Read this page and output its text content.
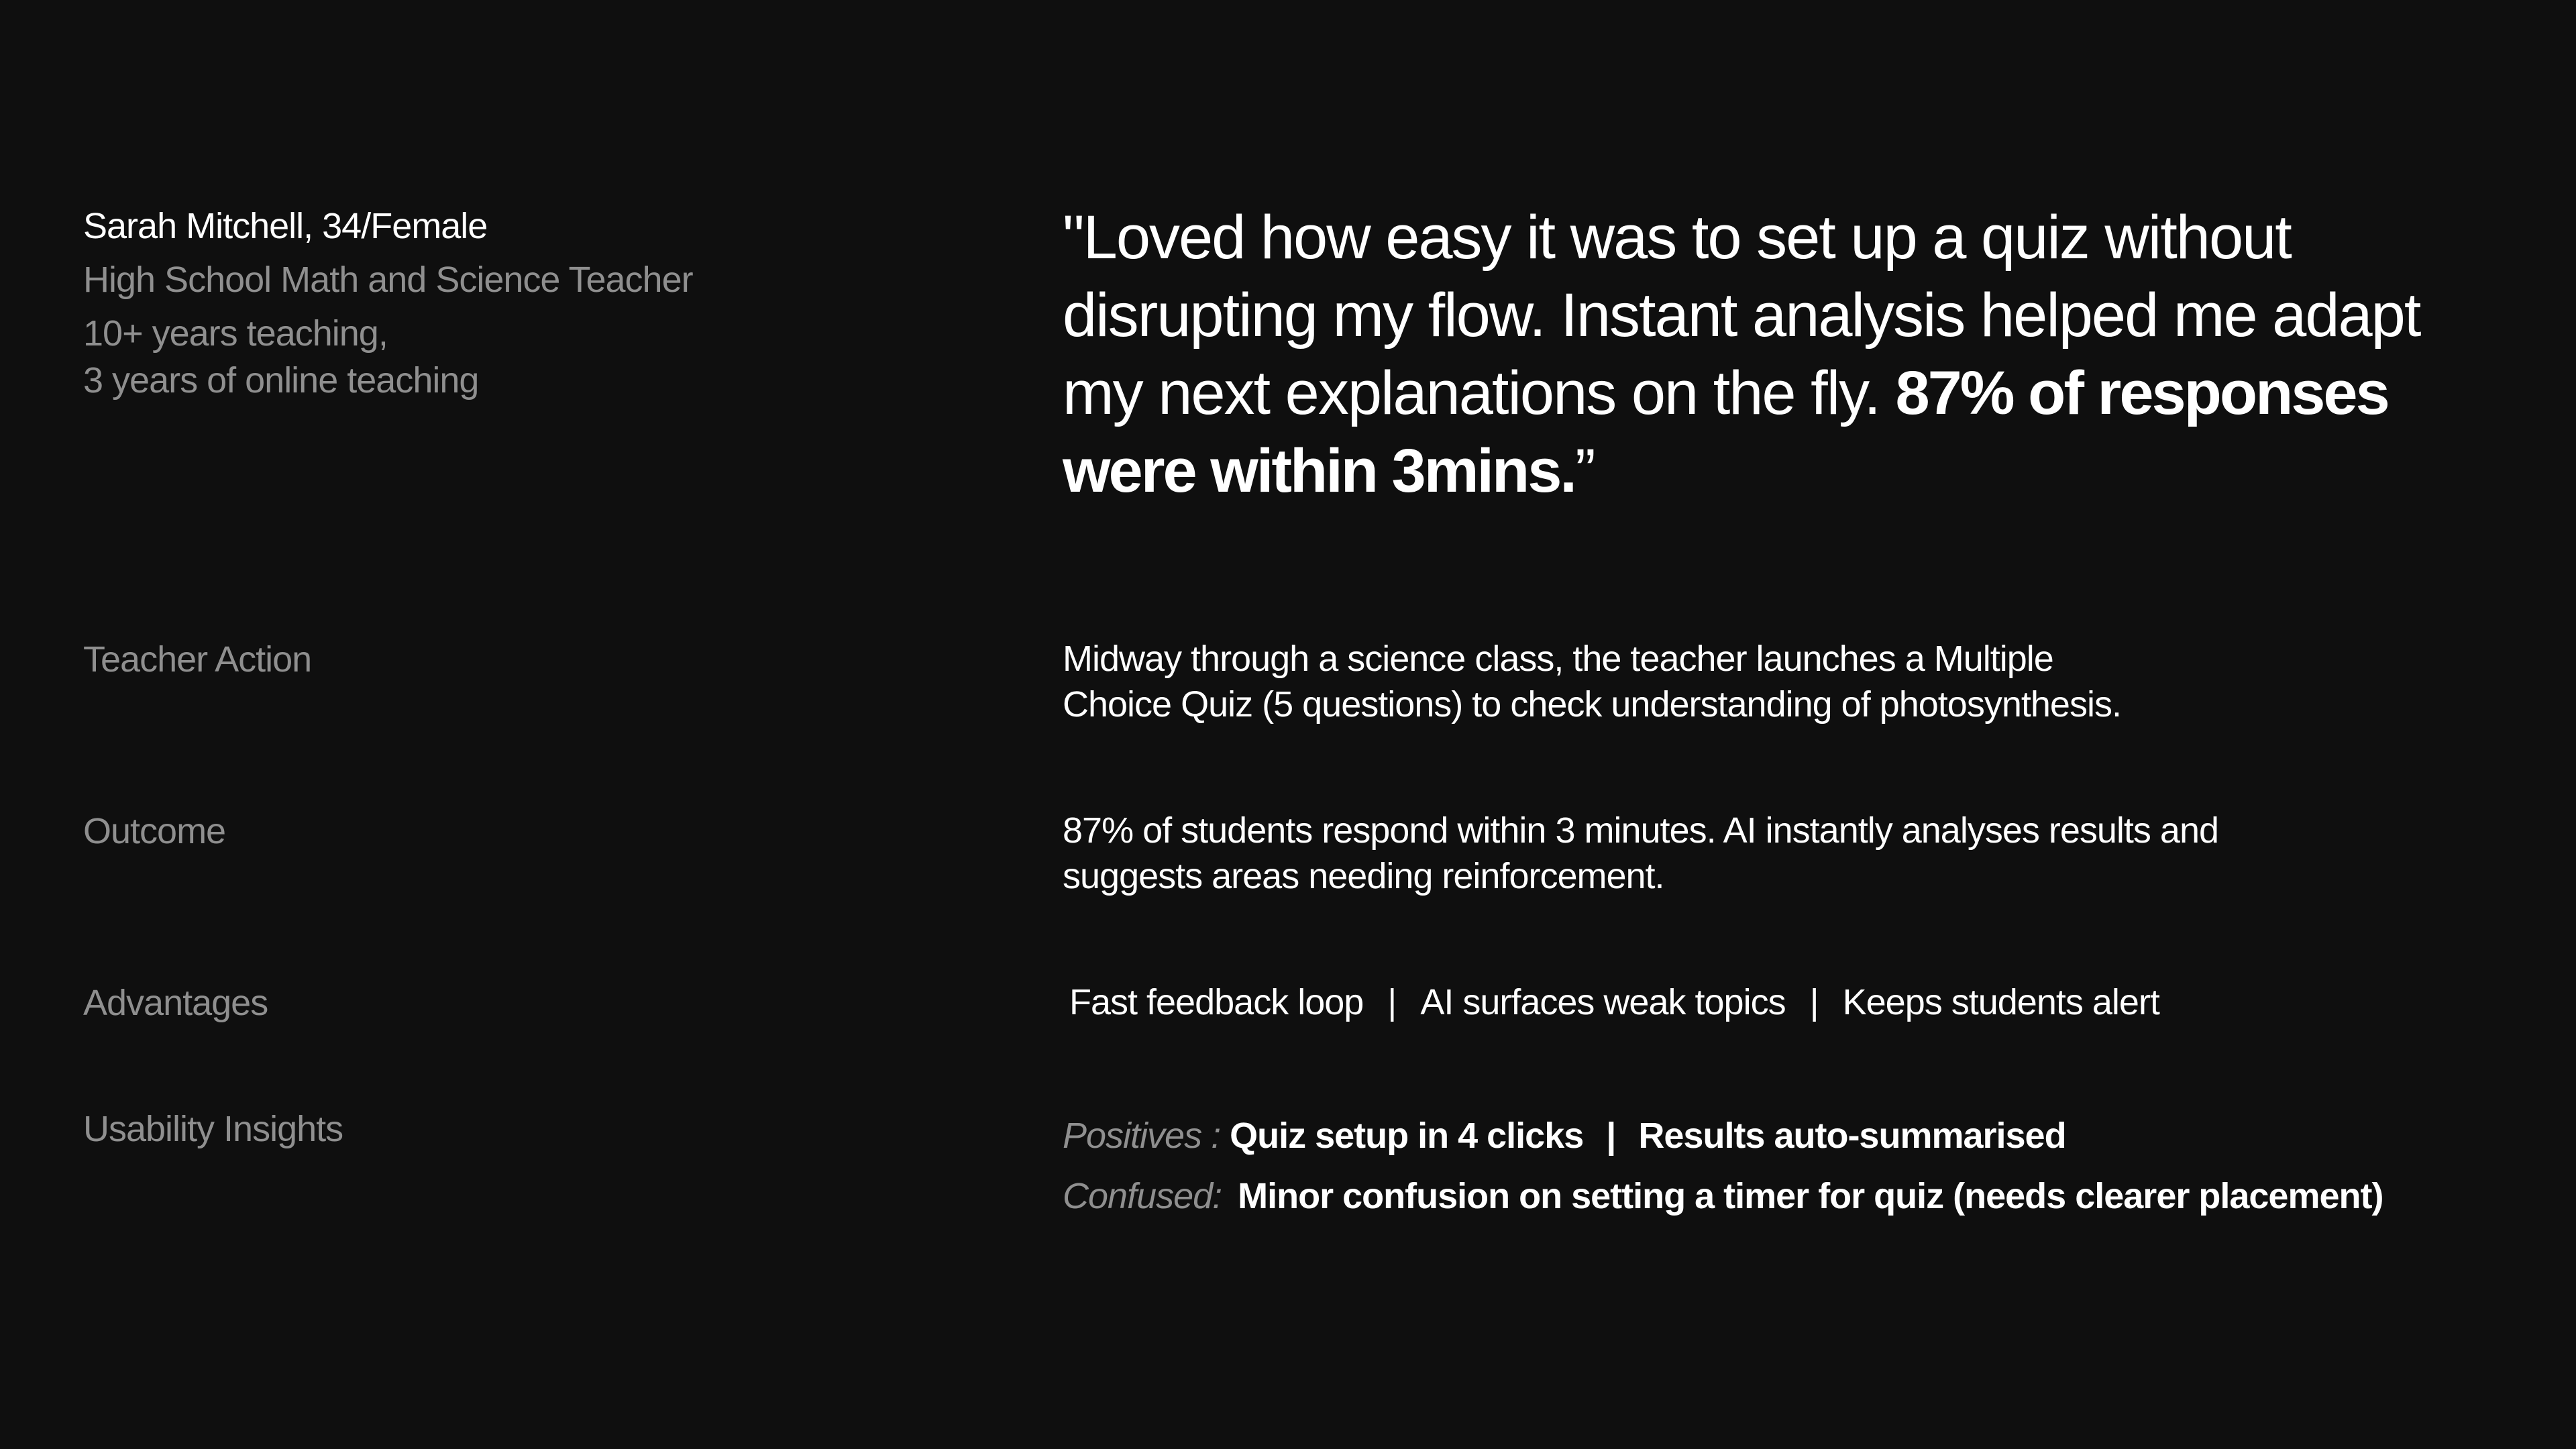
Sarah Mitchell, 34/Female
High School Math and Science Teacher
10+ years teaching,
3 years of online teaching
"Loved how easy it was to set up a quiz without disrupting my flow. Instant analysis helped me adapt my next explanations on the fly. 87% of responses were within 3mins.”
Teacher Action	Midway through a science class, the teacher launches a Multiple
Choice Quiz (5 questions) to check understanding of photosynthesis.
Outcome	87% of students respond within 3 minutes. AI instantly analyses results and
suggests areas needing reinforcement.
Advantages	Fast feedback loop | AI surfaces weak topics | Keeps students alert
Usability Insights	Positives : Quiz setup in 4 clicks | Results auto-summarised
Confused: Minor confusion on setting a timer for quiz (needs clearer placement)
